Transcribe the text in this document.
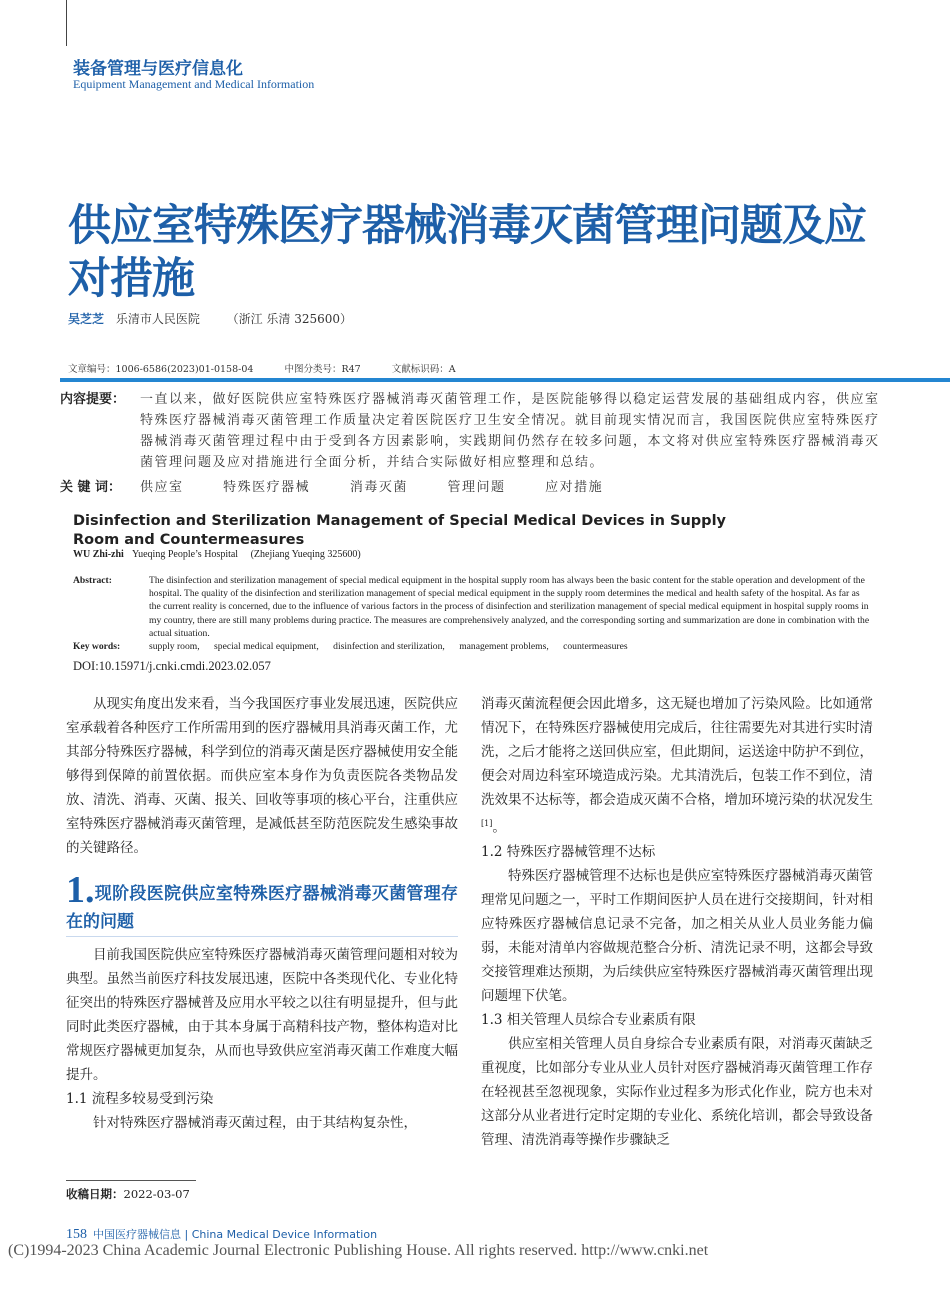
装备管理与医疗信息化
Equipment Management and Medical Information
供应室特殊医疗器械消毒灭菌管理问题及应对措施
吴芝芝 乐清市人民医院 （浙江 乐清 325600）
文章编号：1006-6586(2023)01-0158-04	中图分类号：R47	文献标识码：A
内容提要：	一直以来，做好医院供应室特殊医疗器械消毒灭菌管理工作，是医院能够得以稳定运营发展的基础组成内容，供应室特殊医疗器械消毒灭菌管理工作质量决定着医院医疗卫生安全情况。就目前现实情况而言，我国医院供应室特殊医疗器械消毒灭菌管理过程中由于受到各方因素影响，实践期间仍然存在较多问题，本文将对供应室特殊医疗器械消毒灭菌管理问题及应对措施进行全面分析，并结合实际做好相应整理和总结。
关 键 词：	供应室	特殊医疗器械	消毒灭菌	管理问题	应对措施
Disinfection and Sterilization Management of Special Medical Devices in Supply Room and Countermeasures
WU Zhi-zhi Yueqing People’s Hospital (Zhejiang Yueqing 325600)
Abstract:	The disinfection and sterilization management of special medical equipment in the hospital supply room has always been the basic content for the stable operation and development of the hospital. The quality of the disinfection and sterilization management of special medical equipment in the supply room determines the medical and health safety of the hospital. As far as the current reality is concerned, due to the influence of various factors in the process of disinfection and sterilization management of special medical equipment in hospital supply rooms in my country, there are still many problems during practice. The measures are comprehensively analyzed, and the corresponding sorting and summarization are done in combination with the actual situation.
Key words:	supply room, special medical equipment, disinfection and sterilization, management problems, countermeasures
DOI:10.15971/j.cnki.cmdi.2023.02.057

从现实角度出发来看，当今我国医疗事业发展迅速，医院供应室承载着各种医疗工作所需用到的医疗器械用具消毒灭菌工作，尤其部分特殊医疗器械，科学到位的消毒灭菌是医疗器械使用安全能够得到保障的前置依据。而供应室本身作为负责医院各类物品发放、清洗、消毒、灭菌、报关、回收等事项的核心平台，注重供应室特殊医疗器械消毒灭菌管理，是减低甚至防范医院发生感染事故的关键路径。

1.现阶段医院供应室特殊医疗器械消毒灭菌管理存在的问题

目前我国医院供应室特殊医疗器械消毒灭菌管理问题相对较为典型。虽然当前医疗科技发展迅速，医院中各类现代化、专业化特征突出的特殊医疗器械普及应用水平较之以往有明显提升，但与此同时此类医疗器械，由于其本身属于高精科技产物，整体构造对比常规医疗器械更加复杂，从而也导致供应室消毒灭菌工作难度大幅提升。

1.1 流程多较易受到污染

针对特殊医疗器械消毒灭菌过程，由于其结构复杂性，

消毒灭菌流程便会因此增多，这无疑也增加了污染风险。比如通常情况下，在特殊医疗器械使用完成后，往往需要先对其进行实时清洗，之后才能将之送回供应室，但此期间，运送途中防护不到位，便会对周边科室环境造成污染。尤其清洗后，包装工作不到位，清洗效果不达标等，都会造成灭菌不合格，增加环境污染的状况发生[1]。

1.2 特殊医疗器械管理不达标

特殊医疗器械管理不达标也是供应室特殊医疗器械消毒灭菌管理常见问题之一，平时工作期间医护人员在进行交接期间，针对相应特殊医疗器械信息记录不完备，加之相关从业人员业务能力偏弱，未能对清单内容做规范整合分析、清洗记录不明，这都会导致交接管理难达预期，为后续供应室特殊医疗器械消毒灭菌管理出现问题埋下伏笔。

1.3 相关管理人员综合专业素质有限

供应室相关管理人员自身综合专业素质有限，对消毒灭菌缺乏重视度，比如部分专业从业人员针对医疗器械消毒灭菌管理工作存在轻视甚至忽视现象，实际作业过程多为形式化作业，院方也未对这部分从业者进行定时定期的专业化、系统化培训，都会导致设备管理、清洗消毒等操作步骤缺乏

收稿日期：2022-03-07
158 中国医疗器械信息 | China Medical Device Information
(C)1994-2023 China Academic Journal Electronic Publishing House. All rights reserved. http://www.cnki.net
